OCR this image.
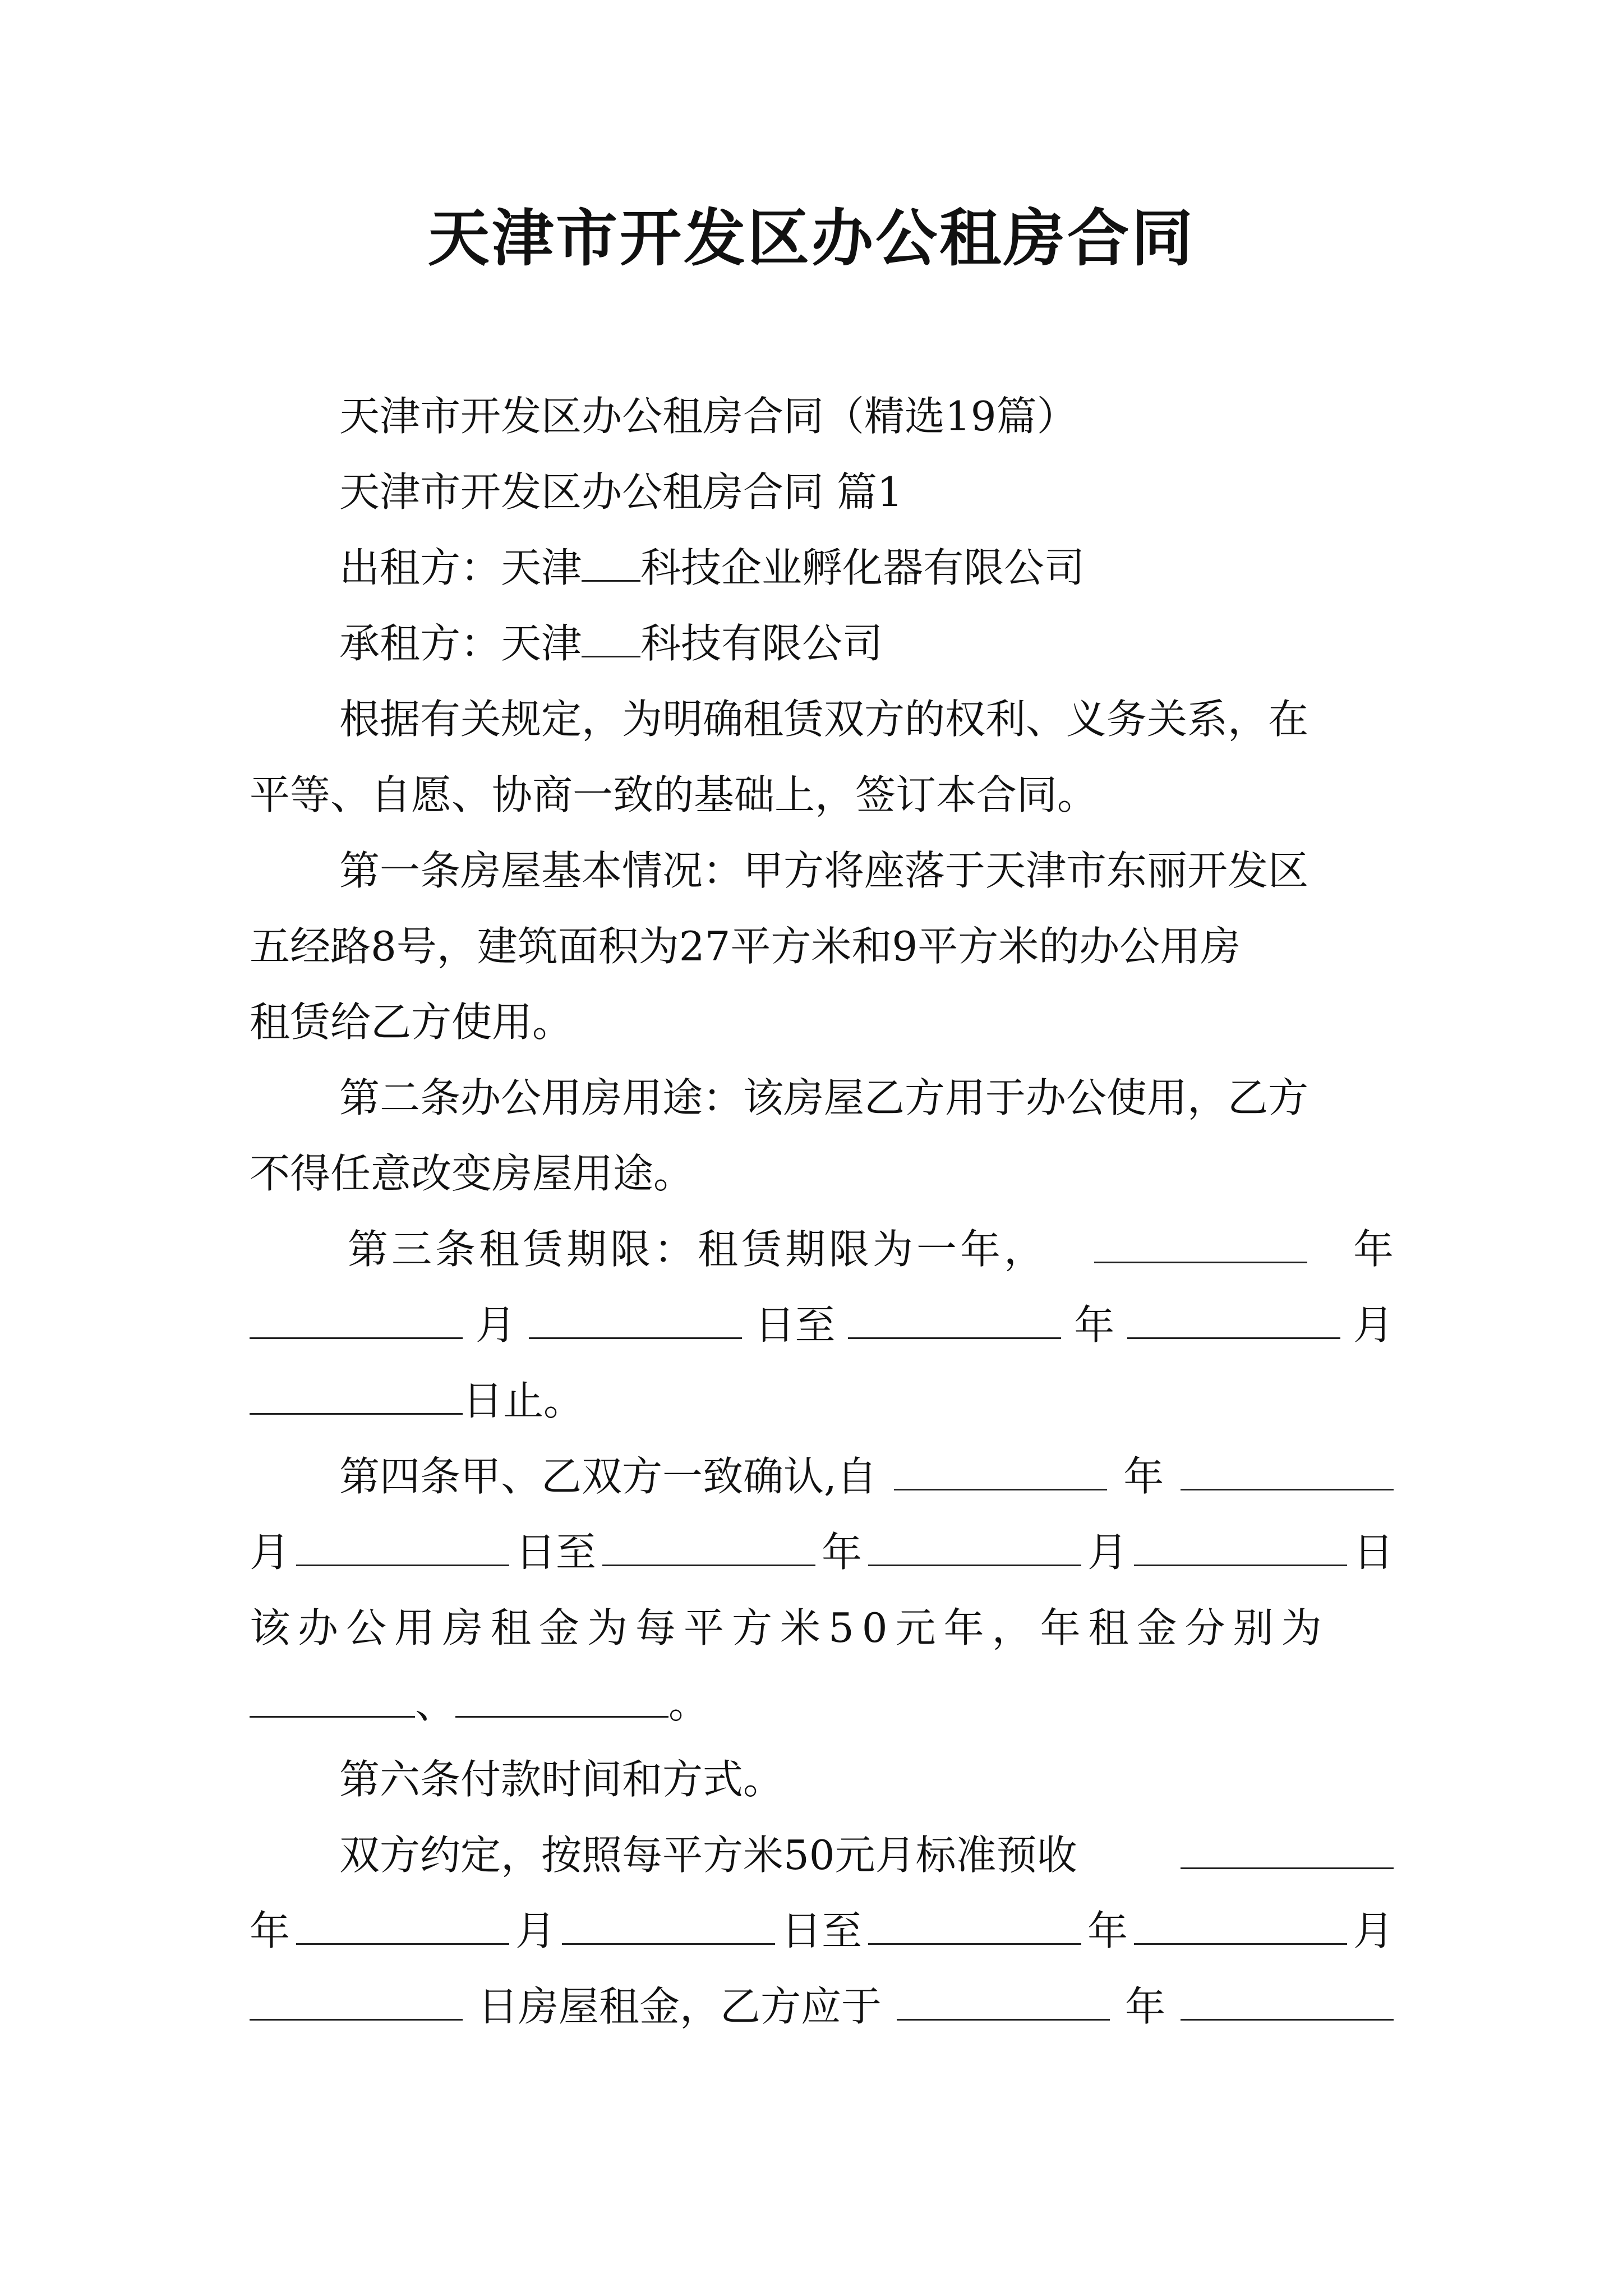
天津市开发区办公租房合同
天津市开发区办公租房合同（精选19篇）
天津市开发区办公租房合同 篇1
出租方：天津 科技企业孵化器有限公司
承租方：天津 科技有限公司
根据有关规定，为明确租赁双方的权利、义务关系，在
平等、自愿、协商一致的基础上，签订本合同。
第一条房屋基本情况：甲方将座落于天津市东丽开发区
五经路8号，建筑面积为27平方米和9平方米的办公用房
租赁给乙方使用。
第二条办公用房用途：该房屋乙方用于办公使用，乙方
不得任意改变房屋用途。
第三条租赁期限：租赁期限为一年，	年
月	日至	年	月
日止。
第四条甲、乙双方一致确认,自	年
月	日至	年	月	日
该办公用房租金为每平方米50元年，年租金分别为
、	。
第六条付款时间和方式。
双方约定，按照每平方米50元月标准预收
年	月	日至	年	月
日房屋租金，乙方应于	年
